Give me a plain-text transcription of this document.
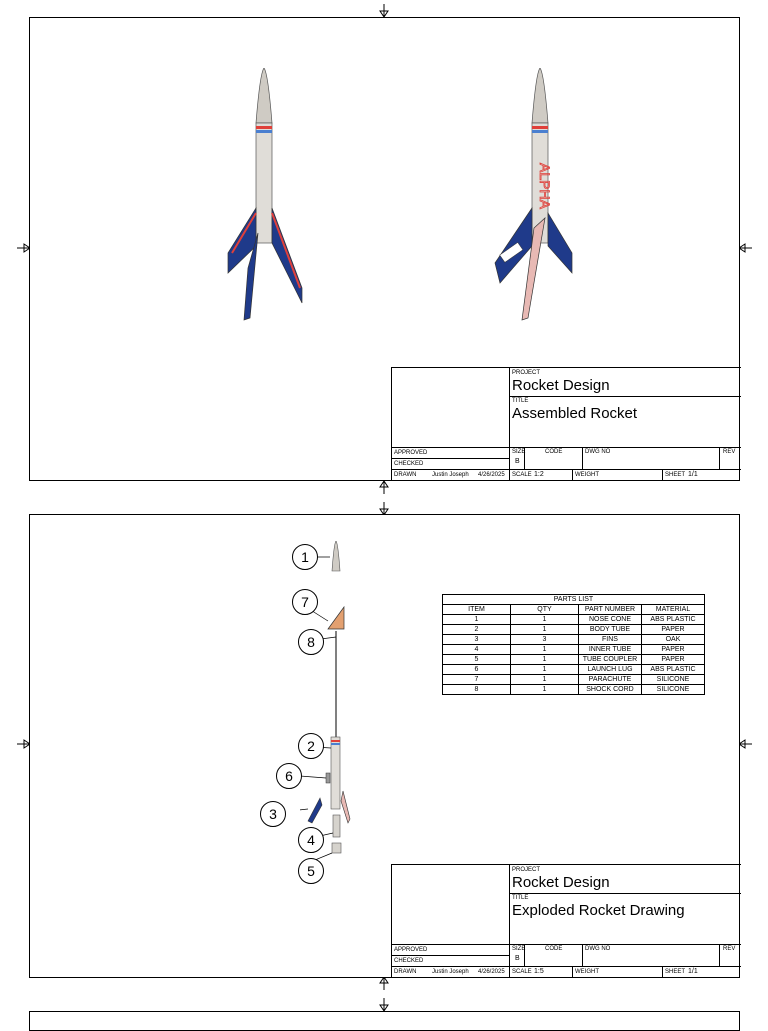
ALPHA
PROJECT
Rocket Design
TITLE
Assembled Rocket
APPROVED
CHECKED
DRAWN	Justin Joseph 4/26/2025
SIZE
B
CODE	DWG NO	REV
SCALE 1:2	WEIGHT	SHEET 1/1
1
7
8
2
6
3
4
5
PARTS LIST			
ITEM	QTY	PART NUMBER	MATERIAL
1	1	NOSE CONE	ABS PLASTIC
2	1	BODY TUBE	PAPER
3	3	FINS	OAK
4	1	INNER TUBE	PAPER
5	1	TUBE COUPLER	PAPER
6	1	LAUNCH LUG	ABS PLASTIC
7	1	PARACHUTE	SILICONE
8	1	SHOCK CORD	SILICONE
PROJECT
Rocket Design
TITLE
Exploded Rocket Drawing
APPROVED
CHECKED
DRAWN	Justin Joseph 4/26/2025
SIZE
B
CODE	DWG NO	REV
SCALE 1:5	WEIGHT	SHEET 1/1
